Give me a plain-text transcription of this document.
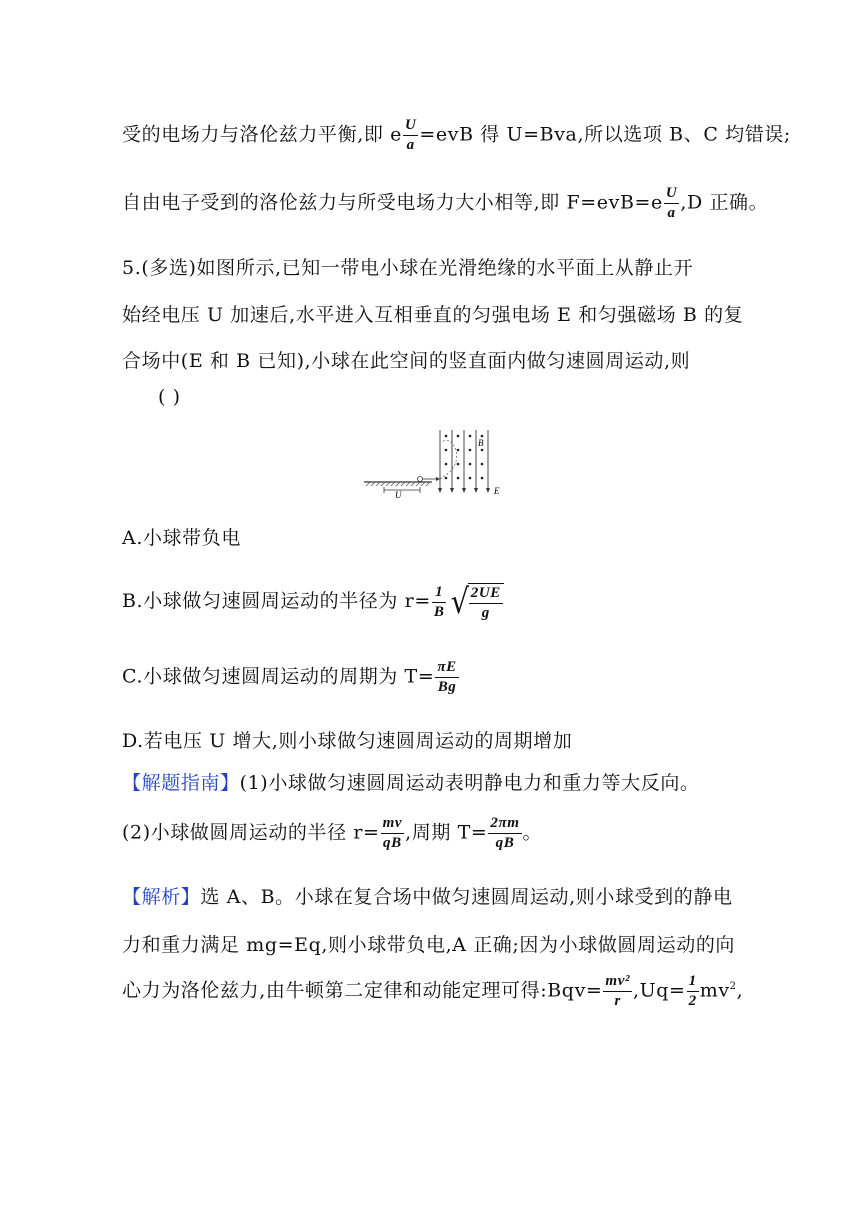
受的电场力与洛伦兹力平衡,即 e $\frac{U}{a} =evB$ 得 U=Bva,所以选项 B、C 均错误;
自由电子受到的洛伦兹力与所受电场力大小相等,即 $F=evB=e \frac{U}{a} ,D$ 正确。
5.(多选)如图所示,已知一带电小球在光滑绝缘的水平面上从静止开
始经电压 U 加速后,水平进入互相垂直的匀强电场 E 和匀强磁场 B 的复
合场中(E 和 B 已知),小球在此空间的竖直面内做匀速圆周运动,则
( )
U
B
E
A.小球带负电
B.小球做匀速圆周运动的半径为 $r= \frac{1}{B}$ √
$\frac{2UE}{g}$
C.小球做匀速圆周运动的周期为 $T= \frac{\pi E}{Bg}$
D.若电压 U 增大,则小球做匀速圆周运动的周期增加
【解题指南】(1)小球做匀速圆周运动表明静电力和重力等大反向。
(2)小球做圆周运动的半径 $r= \frac{mv}{qB}$ ,周期 $T= \frac{2\pi m}{qB}$ 。
【解析】选 A、B。小球在复合场中做匀速圆周运动,则小球受到的静电
力和重力满足 mg=Eq,则小球带负电,A 正确;因为小球做圆周运动的向
心力为洛伦兹力,由牛顿第二定律和动能定理可得:Bqv= $\frac{\text{mv²}}{r} ,Uq= \frac{1}{2} mv^2$,
